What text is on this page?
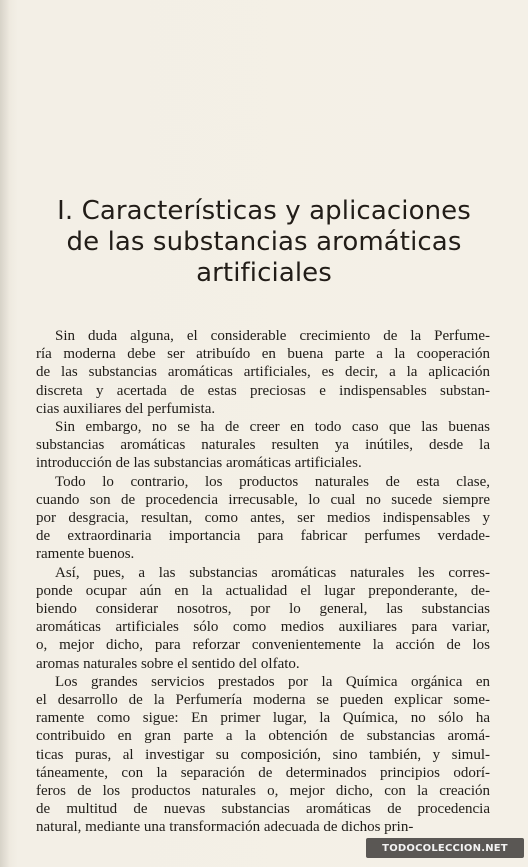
I. Características y aplicaciones
de las substancias aromáticas
artificiales

Sin duda alguna, el considerable crecimiento de la Perfume-
ría moderna debe ser atribuído en buena parte a la cooperación
de las substancias aromáticas artificiales, es decir, a la aplicación
discreta y acertada de estas preciosas e indispensables substan-
cias auxiliares del perfumista.

Sin embargo, no se ha de creer en todo caso que las buenas
substancias aromáticas naturales resulten ya inútiles, desde la
introducción de las substancias aromáticas artificiales.

Todo lo contrario, los productos naturales de esta clase,
cuando son de procedencia irrecusable, lo cual no sucede siempre
por desgracia, resultan, como antes, ser medios indispensables y
de extraordinaria importancia para fabricar perfumes verdade-
ramente buenos.

Así, pues, a las substancias aromáticas naturales les corres-
ponde ocupar aún en la actualidad el lugar preponderante, de-
biendo considerar nosotros, por lo general, las substancias
aromáticas artificiales sólo como medios auxiliares para variar,
o, mejor dicho, para reforzar convenientemente la acción de los
aromas naturales sobre el sentido del olfato.

Los grandes servicios prestados por la Química orgánica en
el desarrollo de la Perfumería moderna se pueden explicar some-
ramente como sigue: En primer lugar, la Química, no sólo ha
contribuido en gran parte a la obtención de substancias aromá-
ticas puras, al investigar su composición, sino también, y simul-
táneamente, con la separación de determinados principios odorí-
feros de los productos naturales o, mejor dicho, con la creación
de multitud de nuevas substancias aromáticas de procedencia
natural, mediante una transformación adecuada de dichos prin-

TODOCOLECCION.NET
